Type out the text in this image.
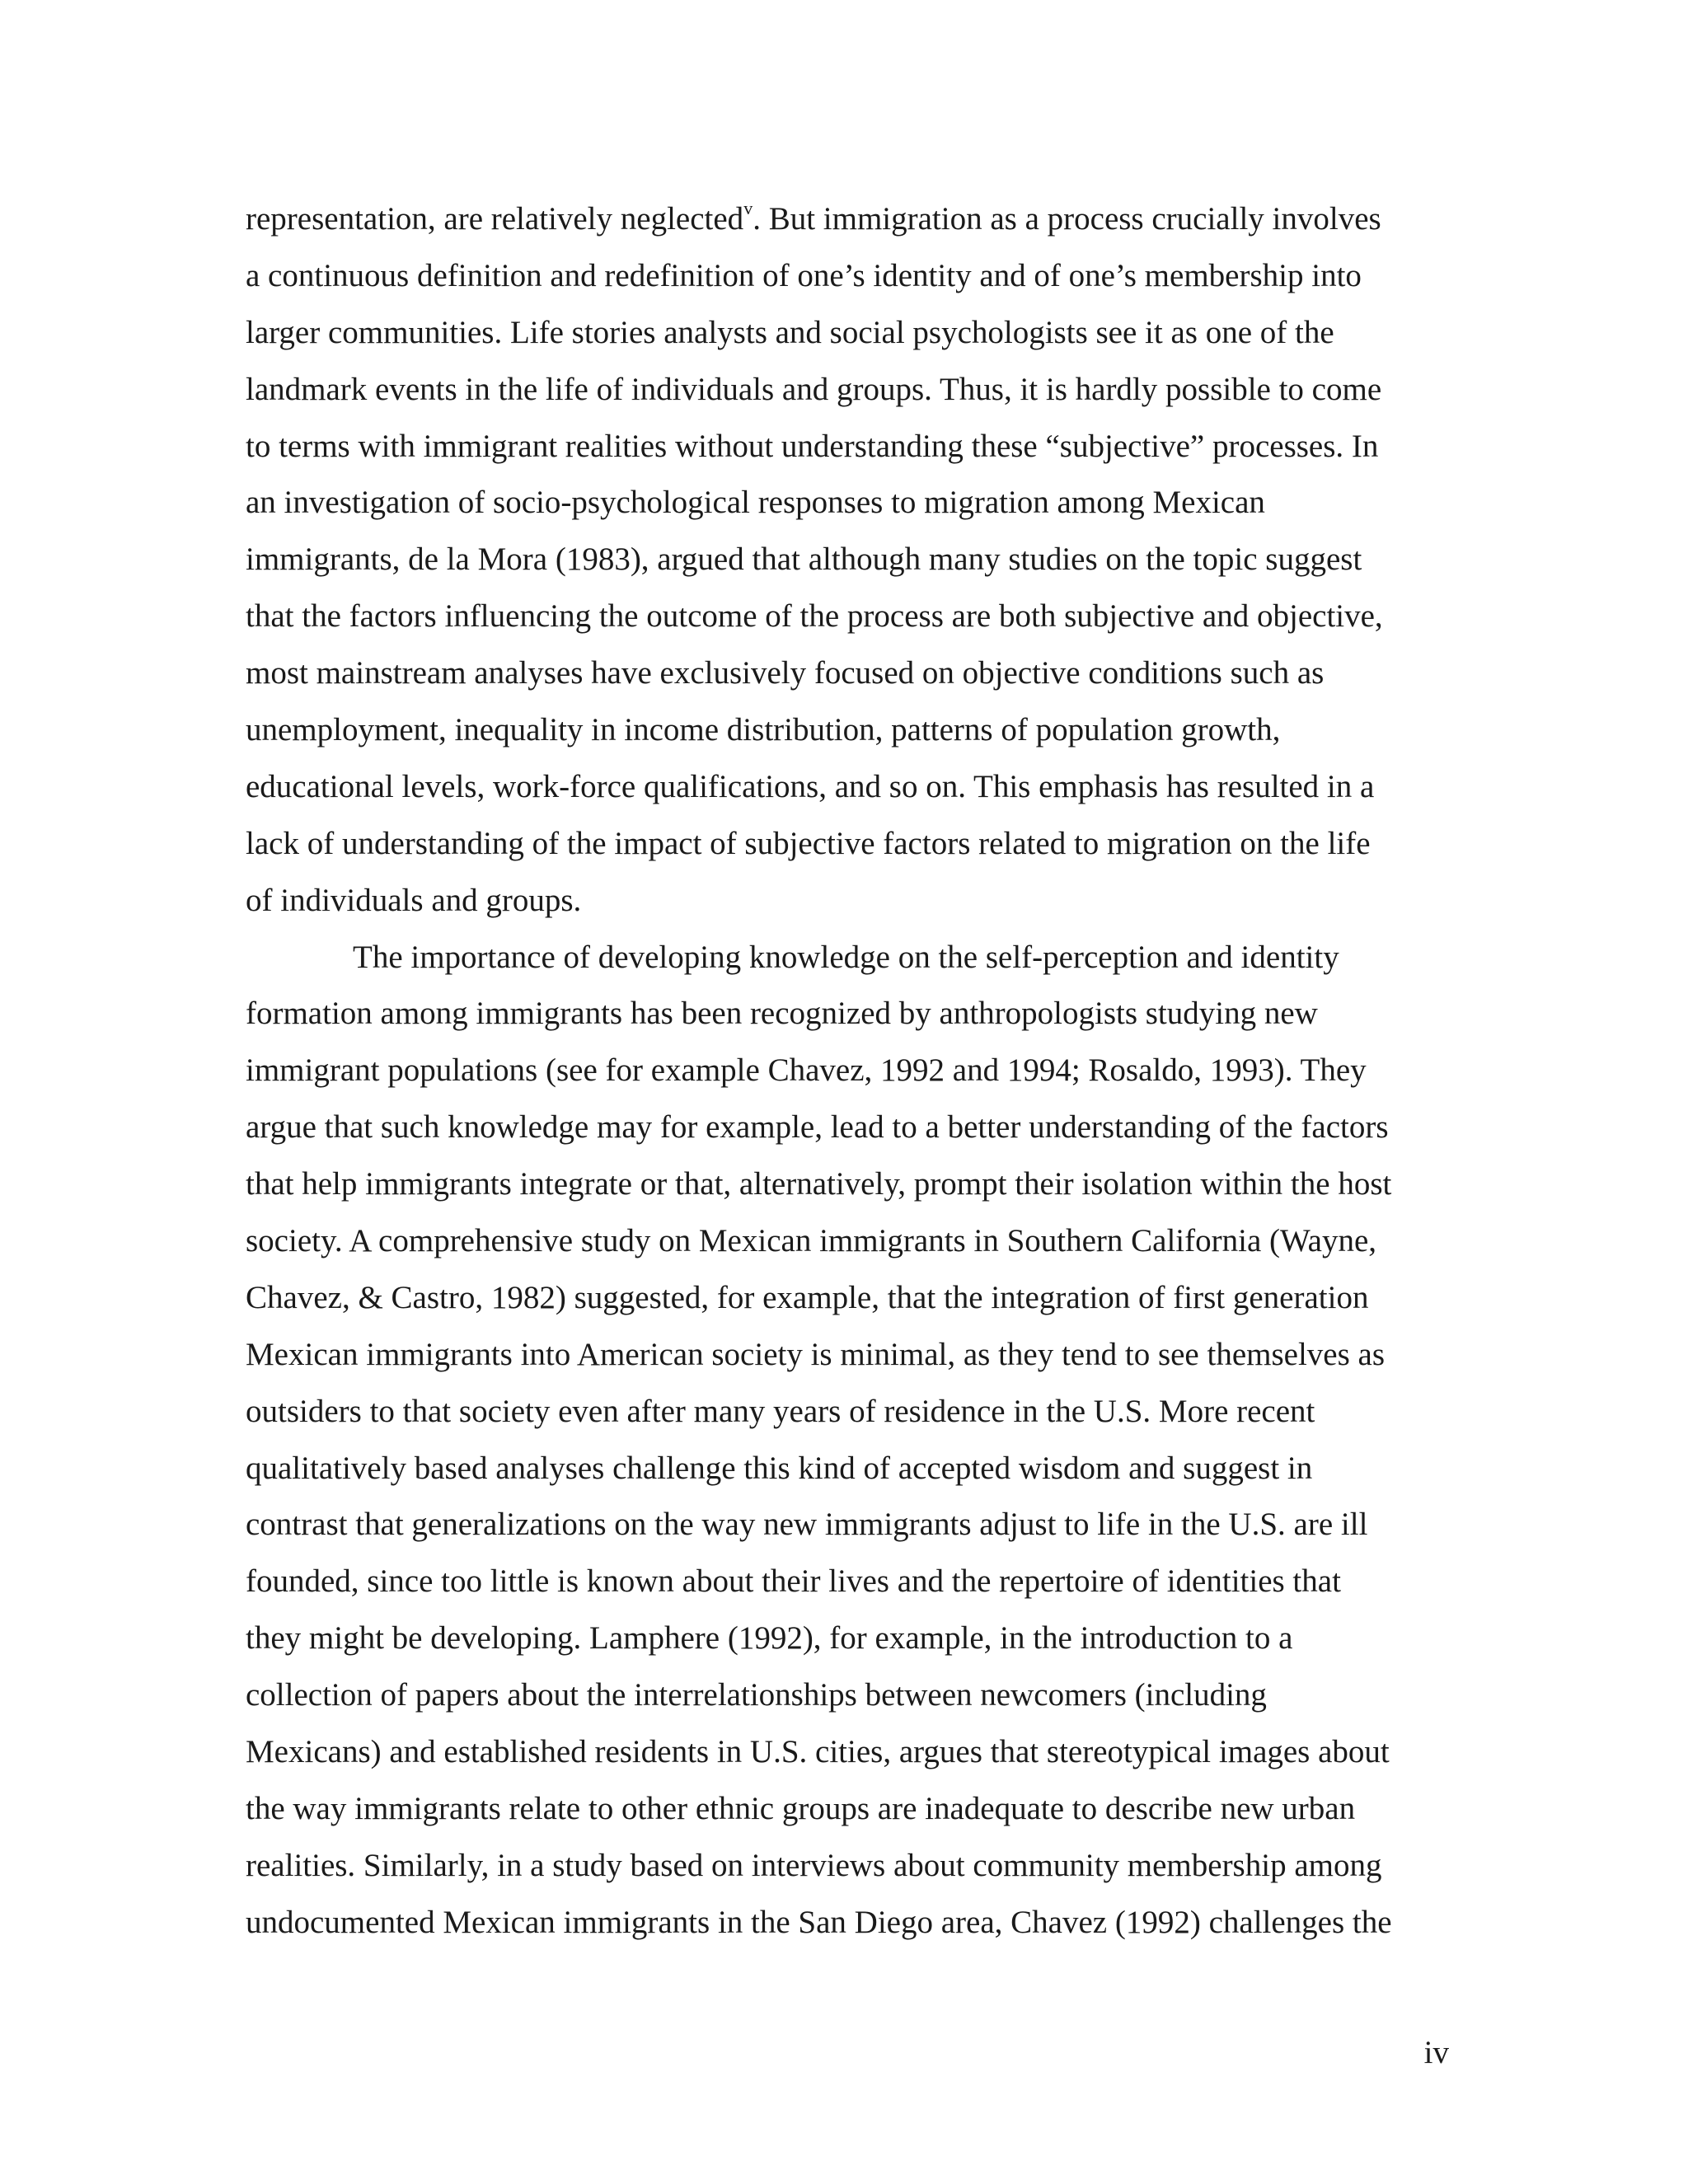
representation, are relatively neglected$^v$. But immigration as a process crucially involves
a continuous definition and redefinition of one’s identity and of one’s membership into
larger communities. Life stories analysts and social psychologists see it as one of the
landmark events in the life of individuals and groups. Thus, it is hardly possible to come
to terms with immigrant realities without understanding these “subjective” processes. In
an investigation of socio-psychological responses to migration among Mexican
immigrants, de la Mora (1983), argued that although many studies on the topic suggest
that the factors influencing the outcome of the process are both subjective and objective,
most mainstream analyses have exclusively focused on objective conditions such as
unemployment, inequality in income distribution, patterns of population growth,
educational levels, work-force qualifications, and so on. This emphasis has resulted in a
lack of understanding of the impact of subjective factors related to migration on the life
of individuals and groups.
The importance of developing knowledge on the self-perception and identity
formation among immigrants has been recognized by anthropologists studying new
immigrant populations (see for example Chavez, 1992 and 1994; Rosaldo, 1993). They
argue that such knowledge may for example, lead to a better understanding of the factors
that help immigrants integrate or that, alternatively, prompt their isolation within the host
society. A comprehensive study on Mexican immigrants in Southern California (Wayne,
Chavez, & Castro, 1982) suggested, for example, that the integration of first generation
Mexican immigrants into American society is minimal, as they tend to see themselves as
outsiders to that society even after many years of residence in the U.S. More recent
qualitatively based analyses challenge this kind of accepted wisdom and suggest in
contrast that generalizations on the way new immigrants adjust to life in the U.S. are ill
founded, since too little is known about their lives and the repertoire of identities that
they might be developing. Lamphere (1992), for example, in the introduction to a
collection of papers about the interrelationships between newcomers (including
Mexicans) and established residents in U.S. cities, argues that stereotypical images about
the way immigrants relate to other ethnic groups are inadequate to describe new urban
realities. Similarly, in a study based on interviews about community membership among
undocumented Mexican immigrants in the San Diego area, Chavez (1992) challenges the
iv
